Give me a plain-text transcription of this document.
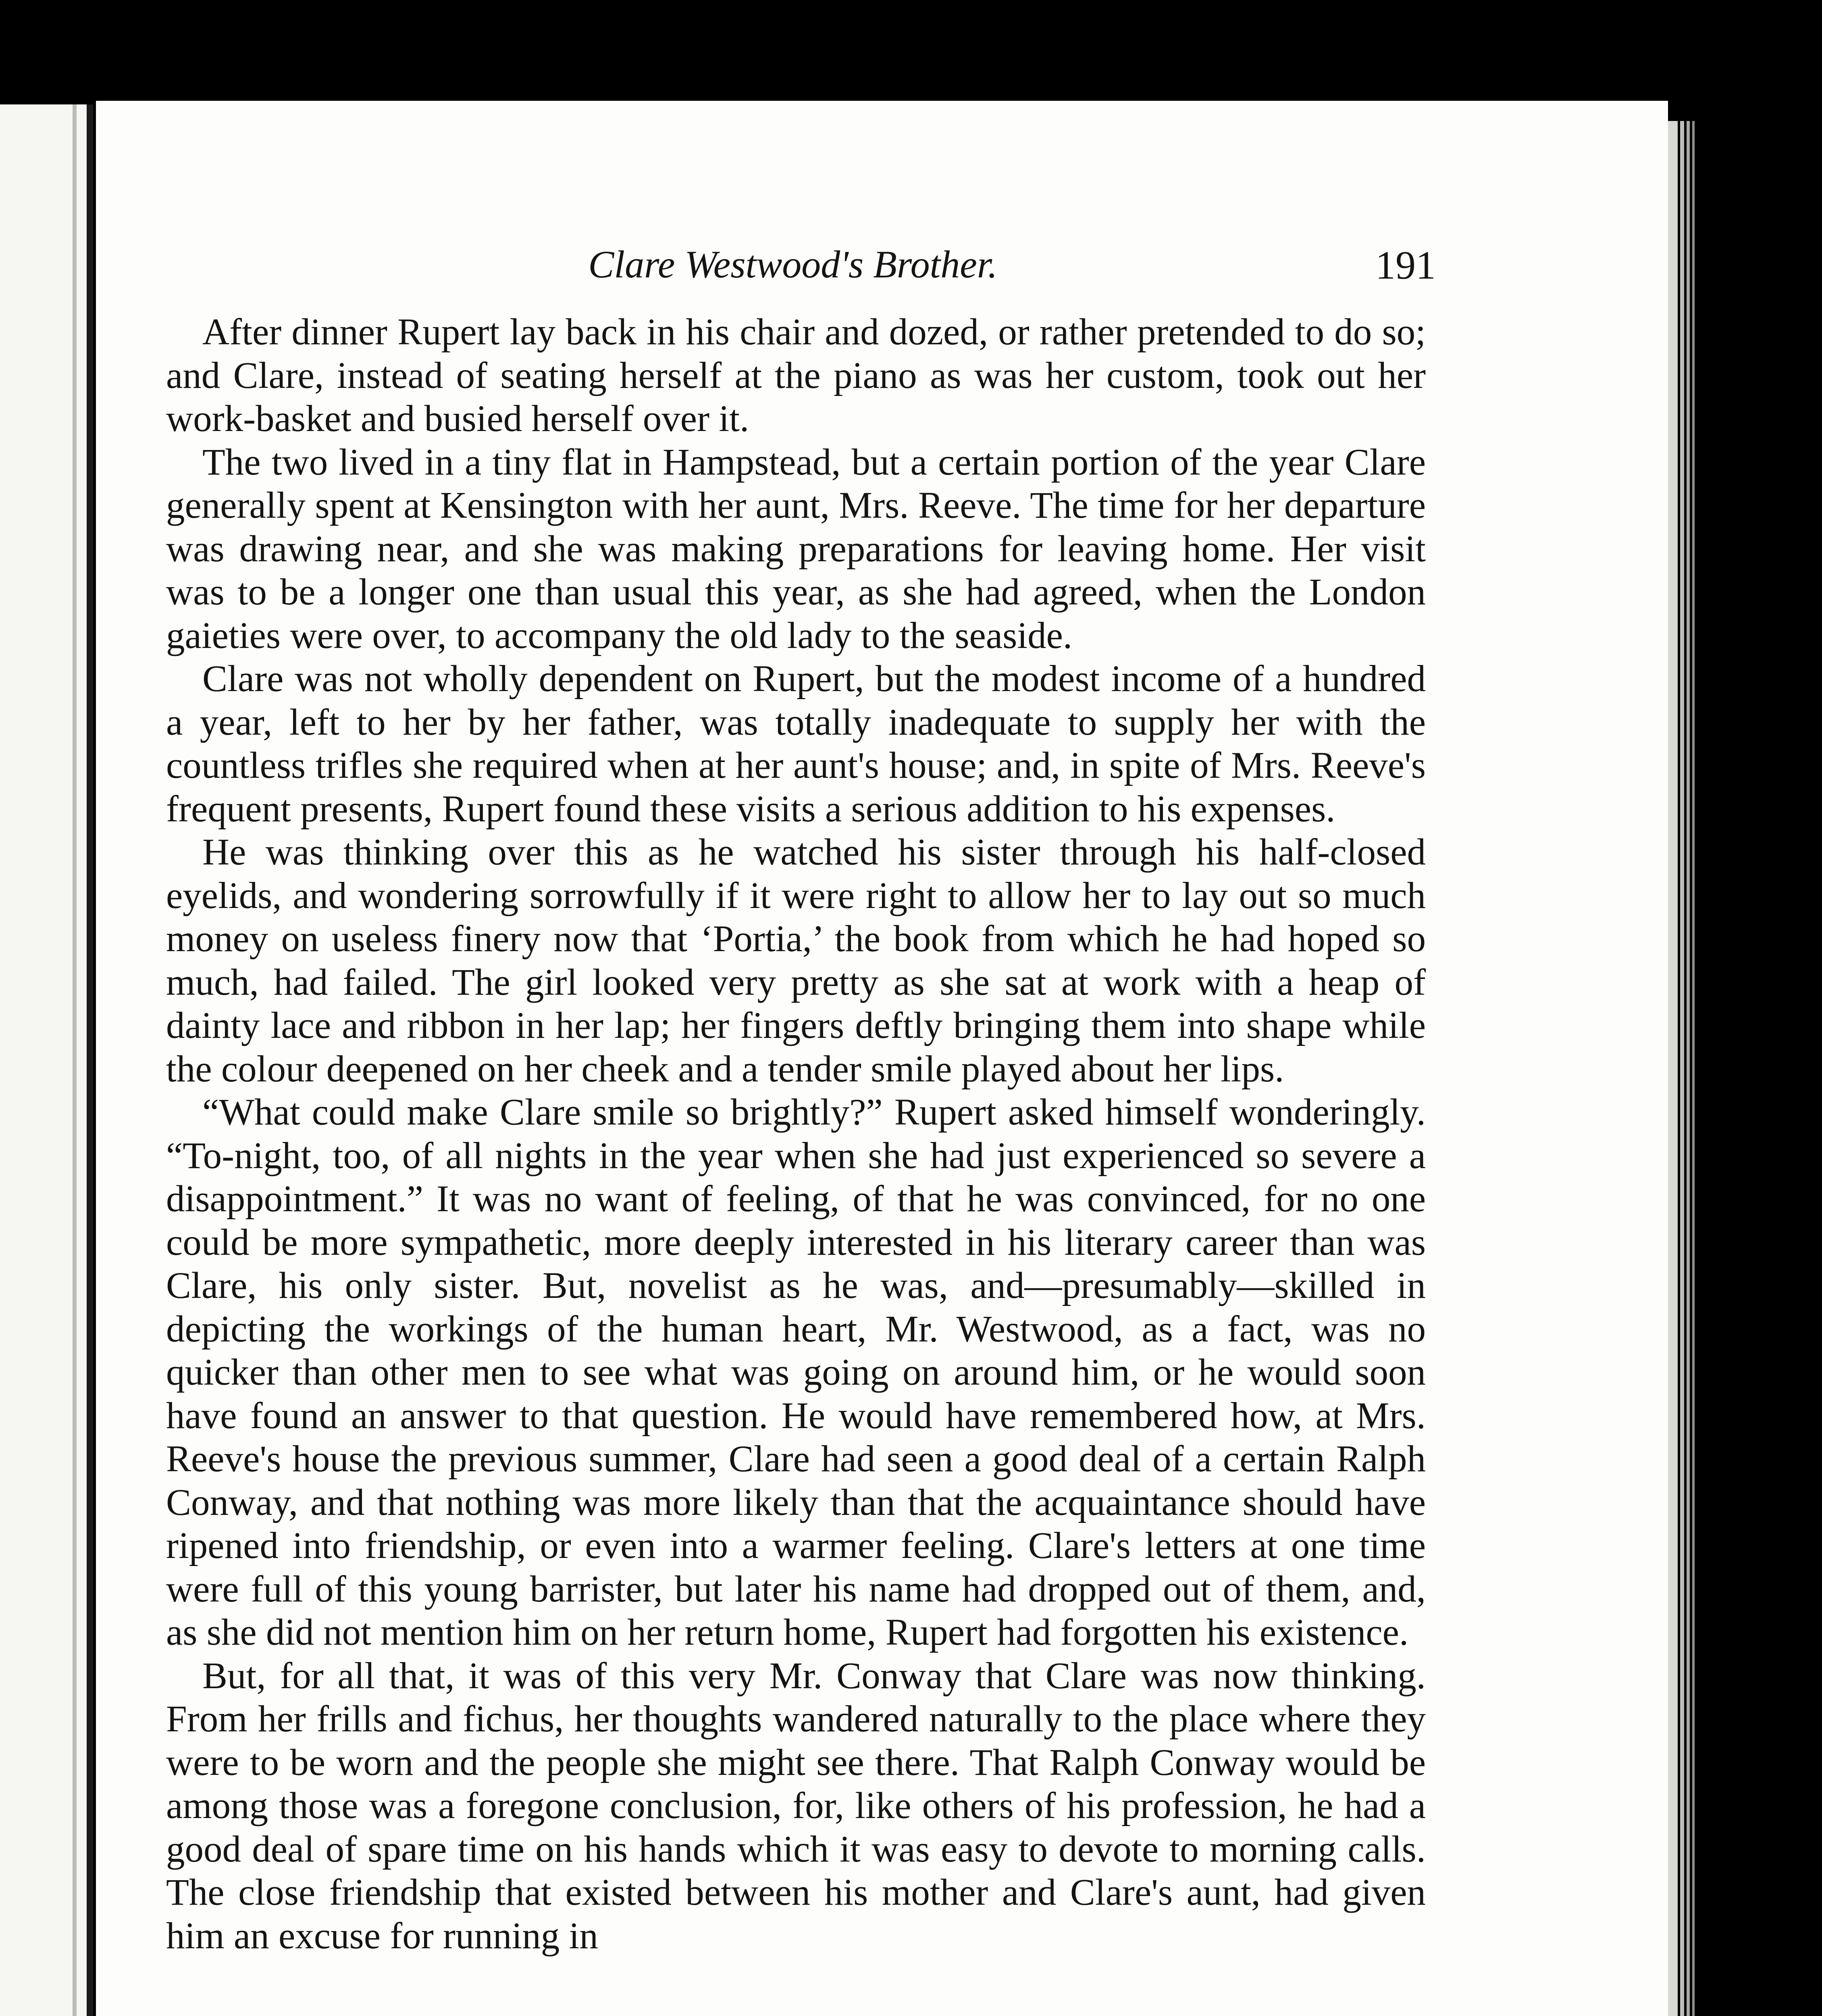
Clare Westwood's Brother.	191

After dinner Rupert lay back in his chair and dozed, or rather pretended to do so; and Clare, instead of seating herself at the piano as was her custom, took out her work-basket and busied herself over it.

The two lived in a tiny flat in Hampstead, but a certain portion of the year Clare generally spent at Kensington with her aunt, Mrs. Reeve. The time for her departure was drawing near, and she was making preparations for leaving home. Her visit was to be a longer one than usual this year, as she had agreed, when the London gaieties were over, to accompany the old lady to the seaside.

Clare was not wholly dependent on Rupert, but the modest income of a hundred a year, left to her by her father, was totally inadequate to supply her with the countless trifles she required when at her aunt's house; and, in spite of Mrs. Reeve's frequent presents, Rupert found these visits a serious addition to his expenses.

He was thinking over this as he watched his sister through his half-closed eyelids, and wondering sorrowfully if it were right to allow her to lay out so much money on useless finery now that ‘Portia,’ the book from which he had hoped so much, had failed. The girl looked very pretty as she sat at work with a heap of dainty lace and ribbon in her lap; her fingers deftly bringing them into shape while the colour deepened on her cheek and a tender smile played about her lips.

“What could make Clare smile so brightly?” Rupert asked himself wonderingly. “To-night, too, of all nights in the year when she had just experienced so severe a disappointment.” It was no want of feeling, of that he was convinced, for no one could be more sympathetic, more deeply interested in his literary career than was Clare, his only sister. But, novelist as he was, and—presumably—skilled in depicting the workings of the human heart, Mr. Westwood, as a fact, was no quicker than other men to see what was going on around him, or he would soon have found an answer to that question. He would have remembered how, at Mrs. Reeve's house the previous summer, Clare had seen a good deal of a certain Ralph Conway, and that nothing was more likely than that the acquaintance should have ripened into friendship, or even into a warmer feeling. Clare's letters at one time were full of this young barrister, but later his name had dropped out of them, and, as she did not mention him on her return home, Rupert had forgotten his existence.

But, for all that, it was of this very Mr. Conway that Clare was now thinking. From her frills and fichus, her thoughts wandered naturally to the place where they were to be worn and the people she might see there. That Ralph Conway would be among those was a foregone conclusion, for, like others of his profession, he had a good deal of spare time on his hands which it was easy to devote to morning calls. The close friendship that existed between his mother and Clare's aunt, had given him an excuse for running in
